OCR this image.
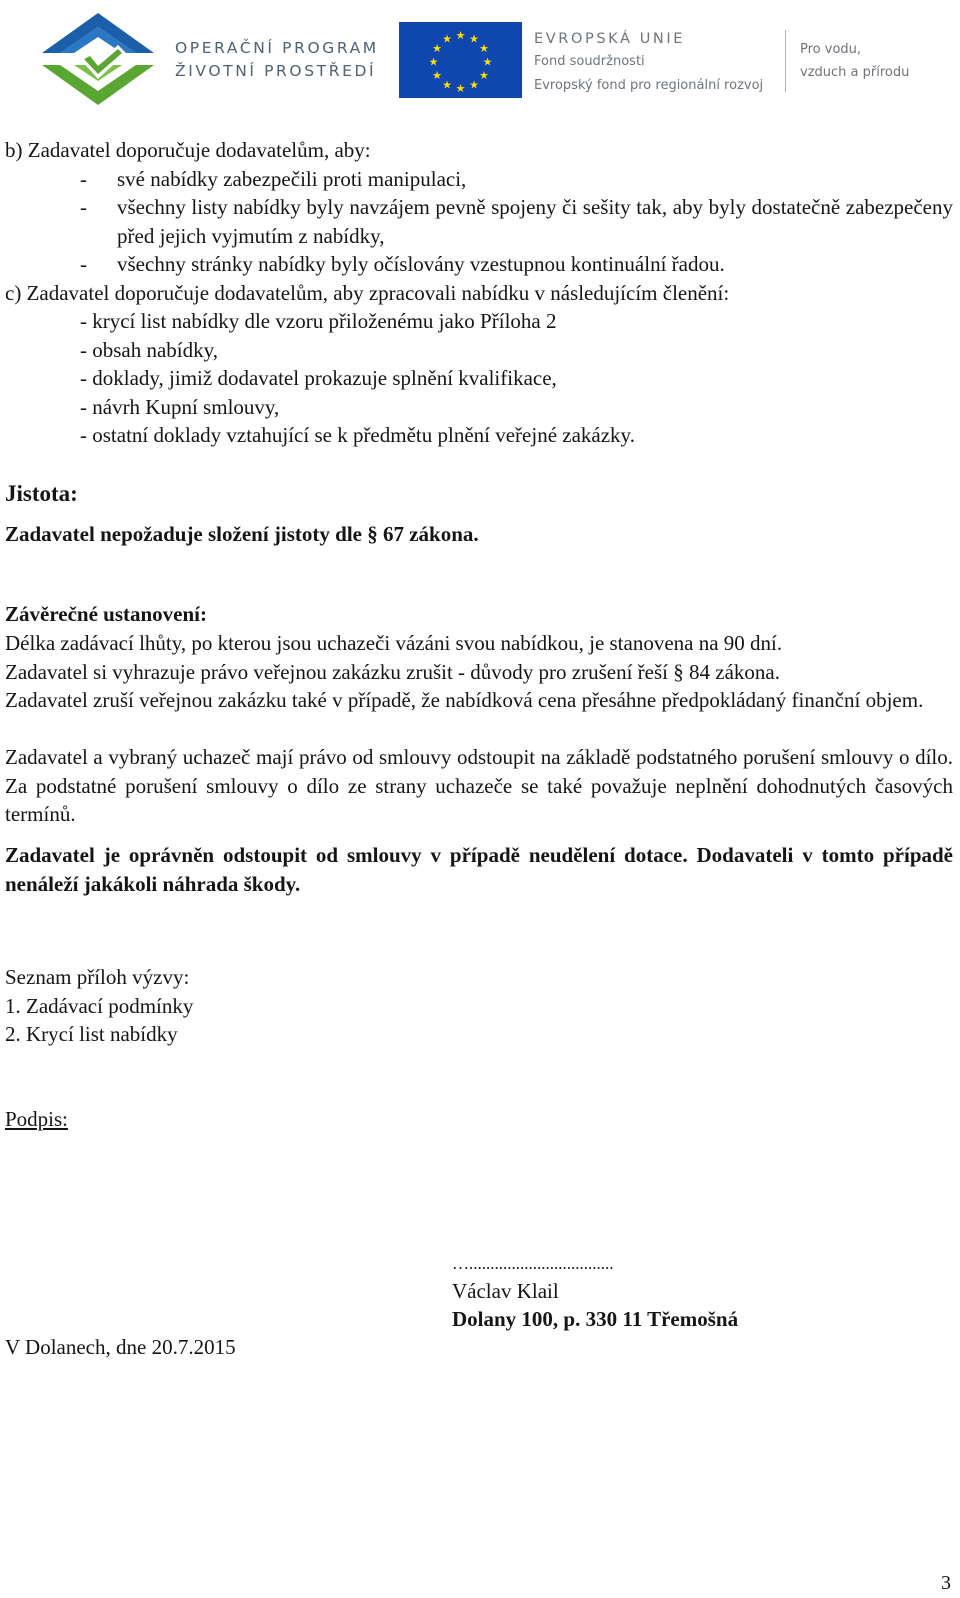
OPERAČNÍ PROGRAM
ŽIVOTNÍ PROSTŘEDÍ
★ ★
★
★
★
★
★
★
★
★
★
★	EVROPSKÁ UNIE
Fond soudržnosti
Evropský fond pro regionální rozvoj
Pro vodu,
vzduch a přírodu
b) Zadavatel doporučuje dodavatelům, aby:
- své nabídky zabezpečili proti manipulaci,
- všechny listy nabídky byly navzájem pevně spojeny či sešity tak, aby byly dostatečně zabezpečeny před jejich vyjmutím z nabídky,
- všechny stránky nabídky byly očíslovány vzestupnou kontinuální řadou.
c) Zadavatel doporučuje dodavatelům, aby zpracovali nabídku v následujícím členění:
- krycí list nabídky dle vzoru přiloženému jako Příloha 2
- obsah nabídky,
- doklady, jimiž dodavatel prokazuje splnění kvalifikace,
- návrh Kupní smlouvy,
- ostatní doklady vztahující se k předmětu plnění veřejné zakázky.
Jistota:
Zadavatel nepožaduje složení jistoty dle § 67 zákona.
Závěrečné ustanovení:
Délka zadávací lhůty, po kterou jsou uchazeči vázáni svou nabídkou, je stanovena na 90 dní.
Zadavatel si vyhrazuje právo veřejnou zakázku zrušit - důvody pro zrušení řeší § 84 zákona.
Zadavatel zruší veřejnou zakázku také v případě, že nabídková cena přesáhne předpokládaný finanční objem.
Zadavatel a vybraný uchazeč mají právo od smlouvy odstoupit na základě podstatného porušení smlouvy o dílo. Za podstatné porušení smlouvy o dílo ze strany uchazeče se také považuje neplnění dohodnutých časových termínů.
Zadavatel je oprávněn odstoupit od smlouvy v případě neudělení dotace. Dodavateli v tomto případě nenáleží jakákoli náhrada škody.
Seznam příloh výzvy:
1. Zadávací podmínky
2. Krycí list nabídky
Podpis:
…..................................
Václav Klail
Dolany 100, p. 330 11 Třemošná
V Dolanech, dne 20.7.2015
3
